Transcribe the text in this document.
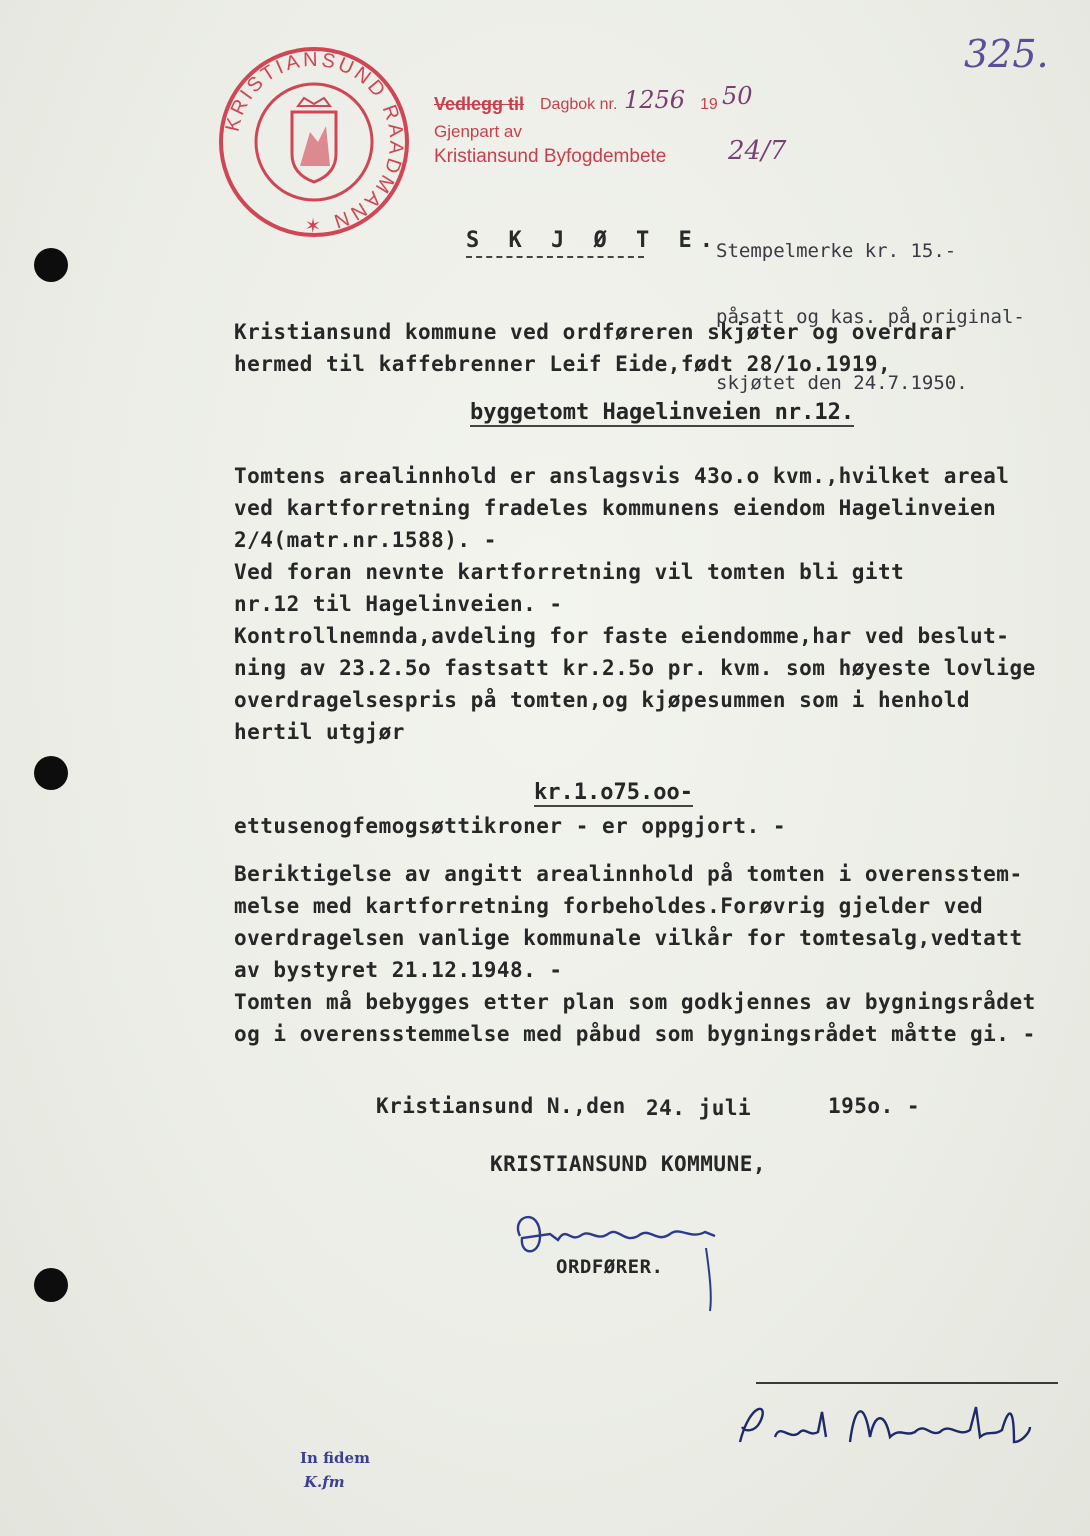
325.
KRISTIANSUND RAADMANN ✶
Vedlegg til Dagbok nr. 1256 19 50
Gjenpart av
Kristiansund Byfogdembete 24/7

Stempelmerke kr. 15.-

påsatt og kas. på original-

skjøtet den 24.7.1950.

S K J Ø T E.
Kristiansund kommune ved ordføreren skjøter og overdrar
hermed til kaffebrenner Leif Eide,født 28/1o.1919,
byggetomt Hagelinveien nr.12.
Tomtens arealinnhold er anslagsvis 43o.o kvm.,hvilket areal
ved kartforretning fradeles kommunens eiendom Hagelinveien
2/4(matr.nr.1588). -
Ved foran nevnte kartforretning vil tomten bli gitt
nr.12 til Hagelinveien. -
Kontrollnemnda,avdeling for faste eiendomme,har ved beslut-
ning av 23.2.5o fastsatt kr.2.5o pr. kvm. som høyeste lovlige
overdragelsespris på tomten,og kjøpesummen som i henhold
hertil utgjør
kr.1.o75.oo-
ettusenogfemogsøttikroner - er oppgjort. -
Beriktigelse av angitt arealinnhold på tomten i overensstem-
melse med kartforretning forbeholdes.Forøvrig gjelder ved
overdragelsen vanlige kommunale vilkår for tomtesalg,vedtatt
av bystyret 21.12.1948. -
Tomten må bebygges etter plan som godkjennes av bygningsrådet
og i overensstemmelse med påbud som bygningsrådet måtte gi. -
Kristiansund N.,den 24. juli	195o. -
KRISTIANSUND KOMMUNE,
ORDFØRER.
In fidem
K.fm
